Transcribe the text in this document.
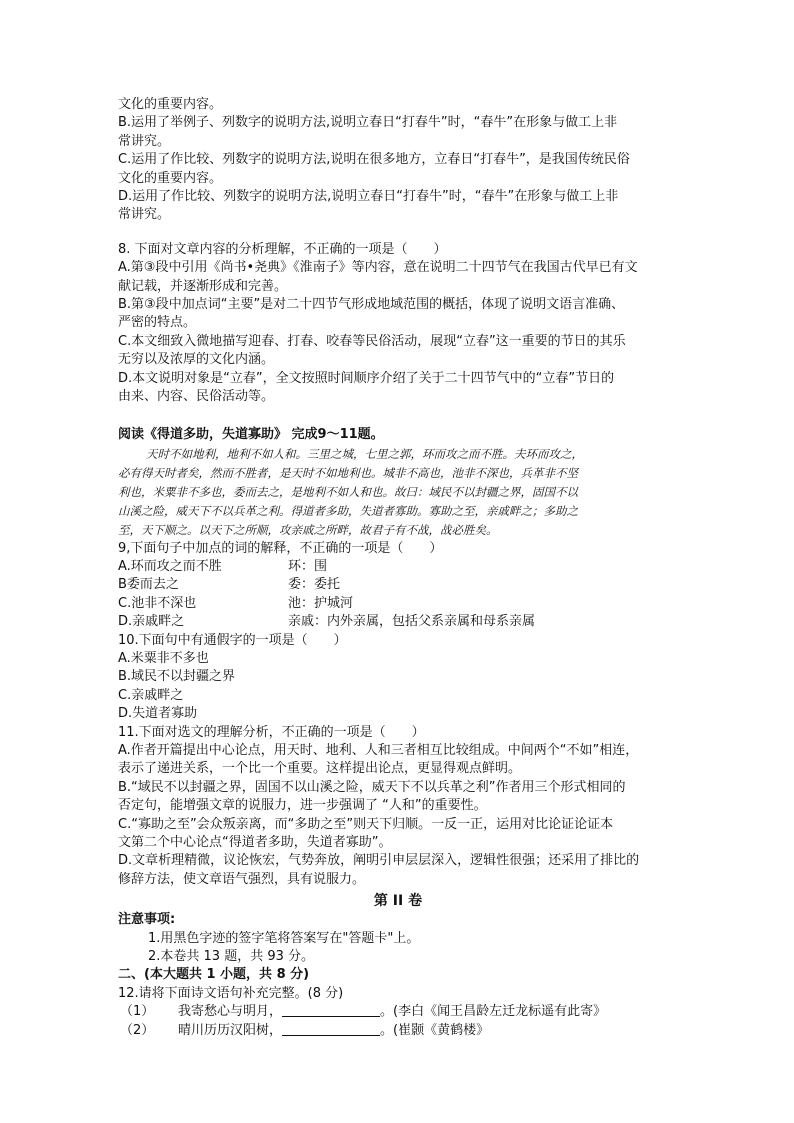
文化的重要内容。
B.运用了举例子、列数字的说明方法,说明立春日“打春牛”时，“春牛”在形象与做工上非
常讲究。
C.运用了作比较、列数字的说明方法,说明在很多地方，立春日“打春牛”，是我国传统民俗
文化的重要内容。
D.运用了作比较、列数字的说明方法,说明立春日“打春牛”时，“春牛”在形象与做工上非
常讲究。
8. 下面对文章内容的分析理解，不正确的一项是（　　）
A.第③段中引用《尚书•尧典》《淮南子》等内容，意在说明二十四节气在我国古代早已有文
献记载，并逐渐形成和完善。
B.第③段中加点词“主要”是对二十四节气形成地域范围的概括，体现了说明文语言准确、
严密的特点。
C.本文细致入微地描写迎春、打春、咬春等民俗活动，展现“立春”这一重要的节日的其乐
无穷以及浓厚的文化内涵。
D.本文说明对象是“立春”，全文按照时间顺序介绍了关于二十四节气中的“立春”节日的
由来、内容、民俗活动等。
阅读《得道多助，失道寡助》 完成9～11题。
天时不如地利，地利不如人和。三里之城，七里之郭，环而攻之而不胜。夫环而攻之，
必有得天时者矣，然而不胜者，是天时不如地利也。城非不高也，池非不深也，兵革非不坚
利也，米粟非不多也，委而去之，是地利不如人和也。故曰：域民不以封疆之界，固国不以
山溪之险，威天下不以兵革之利。得道者多助，失道者寡助。寡助之至，亲戚畔之；多助之
至，天下顺之。以天下之所顺，攻亲戚之所畔，故君子有不战，战必胜矣。
9,下面句子中加点的词的解释，不正确的一项是（　　）
A.环而攻之而不胜	环：围
B委而去之	委：委托
C.池非不深也	池：护城河
D.亲戚畔之	亲戚：内外亲属，包括父系亲属和母系亲属
10.下面句中有通假字的一项是（　　）
A.米粟非不多也
B.域民不以封疆之界
C.亲戚畔之
D.失道者寡助
11.下面对选文的理解分析，不正确的一项是（　　）
A.作者开篇提出中心论点，用天时、地利、人和三者相互比较组成。中间两个“不如”相连，
表示了递进关系，一个比一个重要。这样提出论点，更显得观点鲜明。
B.“域民不以封疆之界，固国不以山溪之险，威天下不以兵革之利”作者用三个形式相同的
否定句，能增强文章的说服力，进一步强调了 “人和”的重要性。
C.“寡助之至”会众叛亲离，而“多助之至”则天下归顺。一反一正，运用对比论证论证本
文第二个中心论点“得道者多助，失道者寡助”。
D.文章析理精微，议论恢宏，气势奔放，阐明引申层层深入，逻辑性很强；还采用了排比的
修辞方法，使文章语气强烈，具有说服力。
第 II 卷
注意事项:
1.用黑色字迹的签字笔将答案写在"答题卡"上。
2.本卷共 13 题，共 93 分。
二、(本大题共 1 小题，共 8 分)
12.请将下面诗文语句补充完整。(8 分)
（1）	我寄愁心与明月，	。(李白《闻王昌龄左迁龙标遥有此寄》
（2）	晴川历历汉阳树，	。(崔颢《黄鹤楼》
